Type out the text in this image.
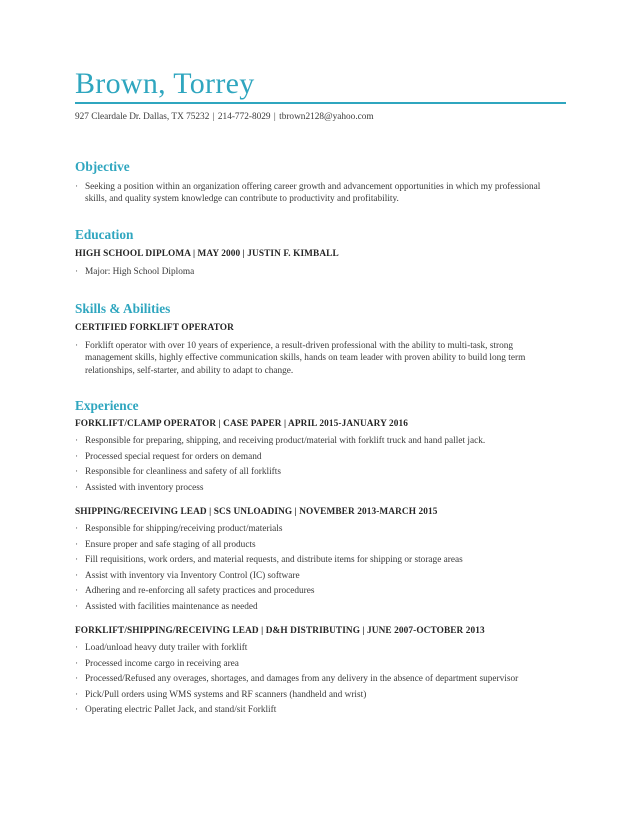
Brown, Torrey
927 Cleardale Dr. Dallas, TX 75232 | 214-772-8029 | tbrown2128@yahoo.com
Objective
· Seeking a position within an organization offering career growth and advancement opportunities in which my professional skills, and quality system knowledge can contribute to productivity and profitability.
Education
HIGH SCHOOL DIPLOMA | MAY 2000 | JUSTIN F. KIMBALL
· Major: High School Diploma
Skills & Abilities
CERTIFIED FORKLIFT OPERATOR
· Forklift operator with over 10 years of experience, a result-driven professional with the ability to multi-task, strong management skills, highly effective communication skills, hands on team leader with proven ability to build long term relationships, self-starter, and ability to adapt to change.
Experience
FORKLIFT/CLAMP OPERATOR | CASE PAPER | APRIL 2015-JANUARY 2016
· Responsible for preparing, shipping, and receiving product/material with forklift truck and hand pallet jack.
· Processed special request for orders on demand
· Responsible for cleanliness and safety of all forklifts
· Assisted with inventory process
SHIPPING/RECEIVING LEAD | SCS UNLOADING | NOVEMBER 2013-MARCH 2015
· Responsible for shipping/receiving product/materials
· Ensure proper and safe staging of all products
· Fill requisitions, work orders, and material requests, and distribute items for shipping or storage areas
· Assist with inventory via Inventory Control (IC) software
· Adhering and re-enforcing all safety practices and procedures
· Assisted with facilities maintenance as needed
FORKLIFT/SHIPPING/RECEIVING LEAD | D&H DISTRIBUTING | JUNE 2007-OCTOBER 2013
· Load/unload heavy duty trailer with forklift
· Processed income cargo in receiving area
· Processed/Refused any overages, shortages, and damages from any delivery in the absence of department supervisor
· Pick/Pull orders using WMS systems and RF scanners (handheld and wrist)
· Operating electric Pallet Jack, and stand/sit Forklift
